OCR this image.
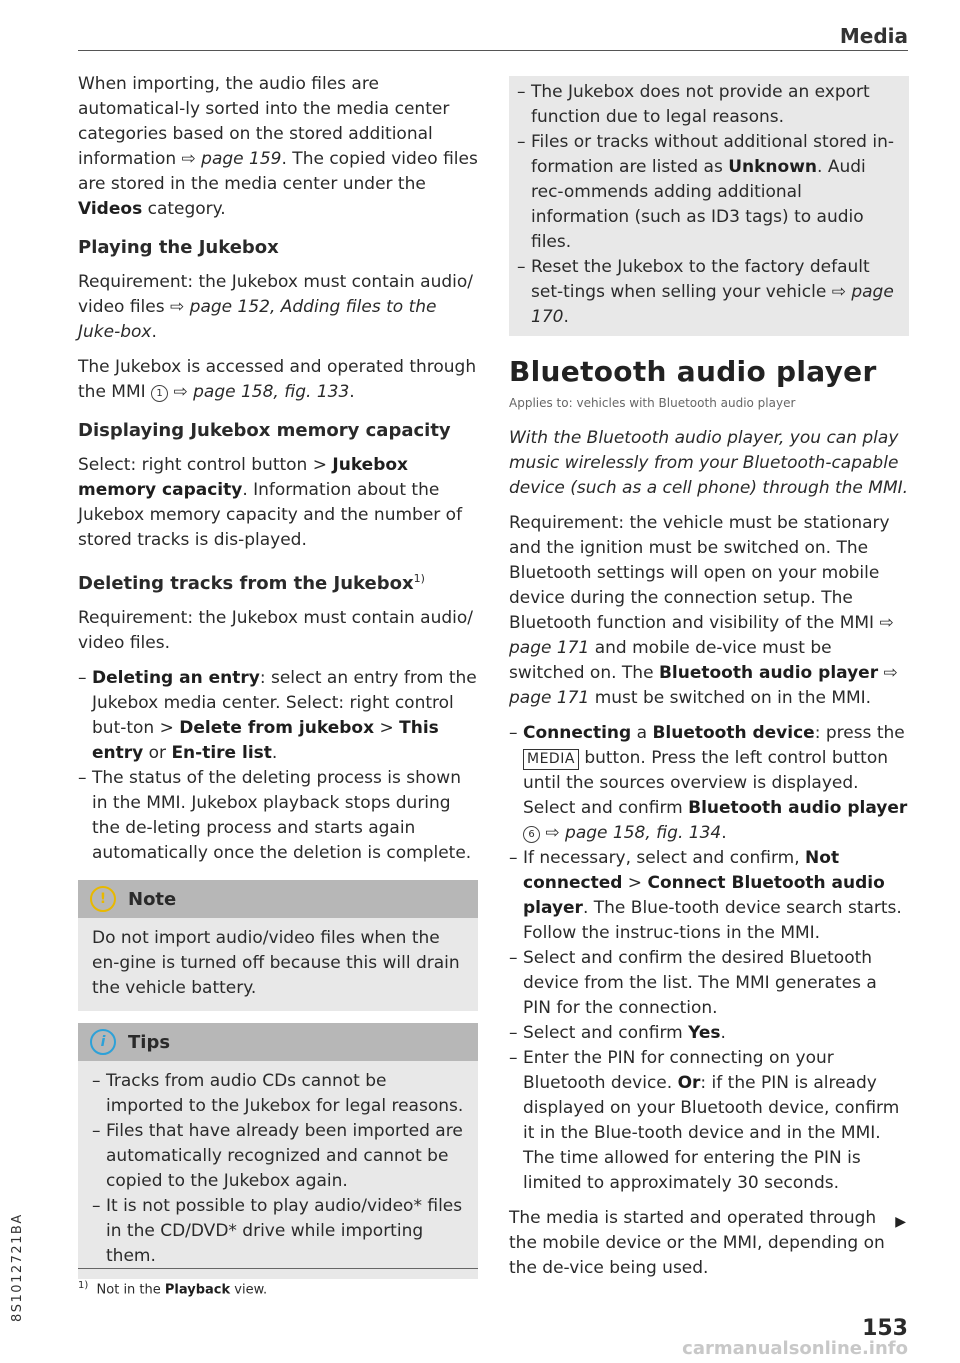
Media

When importing, the audio files are automatical-ly sorted into the media center categories based on the stored additional information ⇨ page 159. The copied video files are stored in the media center under the Videos category.

Playing the Jukebox

Requirement: the Jukebox must contain audio/ video files ⇨ page 152, Adding files to the Juke-box.

The Jukebox is accessed and operated through the MMI 1 ⇨ page 158, fig. 133.

Displaying Jukebox memory capacity

Select: right control button > Jukebox memory capacity. Information about the Jukebox memory capacity and the number of stored tracks is dis-played.

Deleting tracks from the Jukebox$^{1)}$

Requirement: the Jukebox must contain audio/ video files.

– Deleting an entry: select an entry from the Jukebox media center. Select: right control but-ton > Delete from jukebox > This entry or En-tire list.
– The status of the deleting process is shown in the MMI. Jukebox playback stops during the de-leting process and starts again automatically once the deletion is complete.
!	Note
Do not import audio/video files when the en-gine is turned off because this will drain the vehicle battery.
i	Tips
– Tracks from audio CDs cannot be imported to the Jukebox for legal reasons.
– Files that have already been imported are automatically recognized and cannot be copied to the Jukebox again.
– It is not possible to play audio/video* files in the CD/DVD* drive while importing them.
– The Jukebox does not provide an export function due to legal reasons.
– Files or tracks without additional stored in-formation are listed as Unknown. Audi rec-ommends adding additional information (such as ID3 tags) to audio files.
– Reset the Jukebox to the factory default set-tings when selling your vehicle ⇨ page 170.
Bluetooth audio player

Applies to: vehicles with Bluetooth audio player

With the Bluetooth audio player, you can play music wirelessly from your Bluetooth-capable device (such as a cell phone) through the MMI.

Requirement: the vehicle must be stationary and the ignition must be switched on. The Bluetooth settings will open on your mobile device during the connection setup. The Bluetooth function and visibility of the MMI ⇨ page 171 and mobile de-vice must be switched on. The Bluetooth audio player ⇨ page 171 must be switched on in the MMI.

– Connecting a Bluetooth device: press the MEDIA button. Press the left control button until the sources overview is displayed. Select and confirm Bluetooth audio player 6 ⇨ page 158, fig. 134.
– If necessary, select and confirm, Not connected > Connect Bluetooth audio player. The Blue-tooth device search starts. Follow the instruc-tions in the MMI.
– Select and confirm the desired Bluetooth device from the list. The MMI generates a PIN for the connection.
– Select and confirm Yes.
– Enter the PIN for connecting on your Bluetooth device. Or: if the PIN is already displayed on your Bluetooth device, confirm it in the Blue-tooth device and in the MMI. The time allowed for entering the PIN is limited to approximately 30 seconds.

The media is started and operated through the mobile device or the MMI, depending on the de-vice being used.

▶
$^{1)}$ Not in the Playback view.
153
8S1012721BA
carmanualsonline.info
